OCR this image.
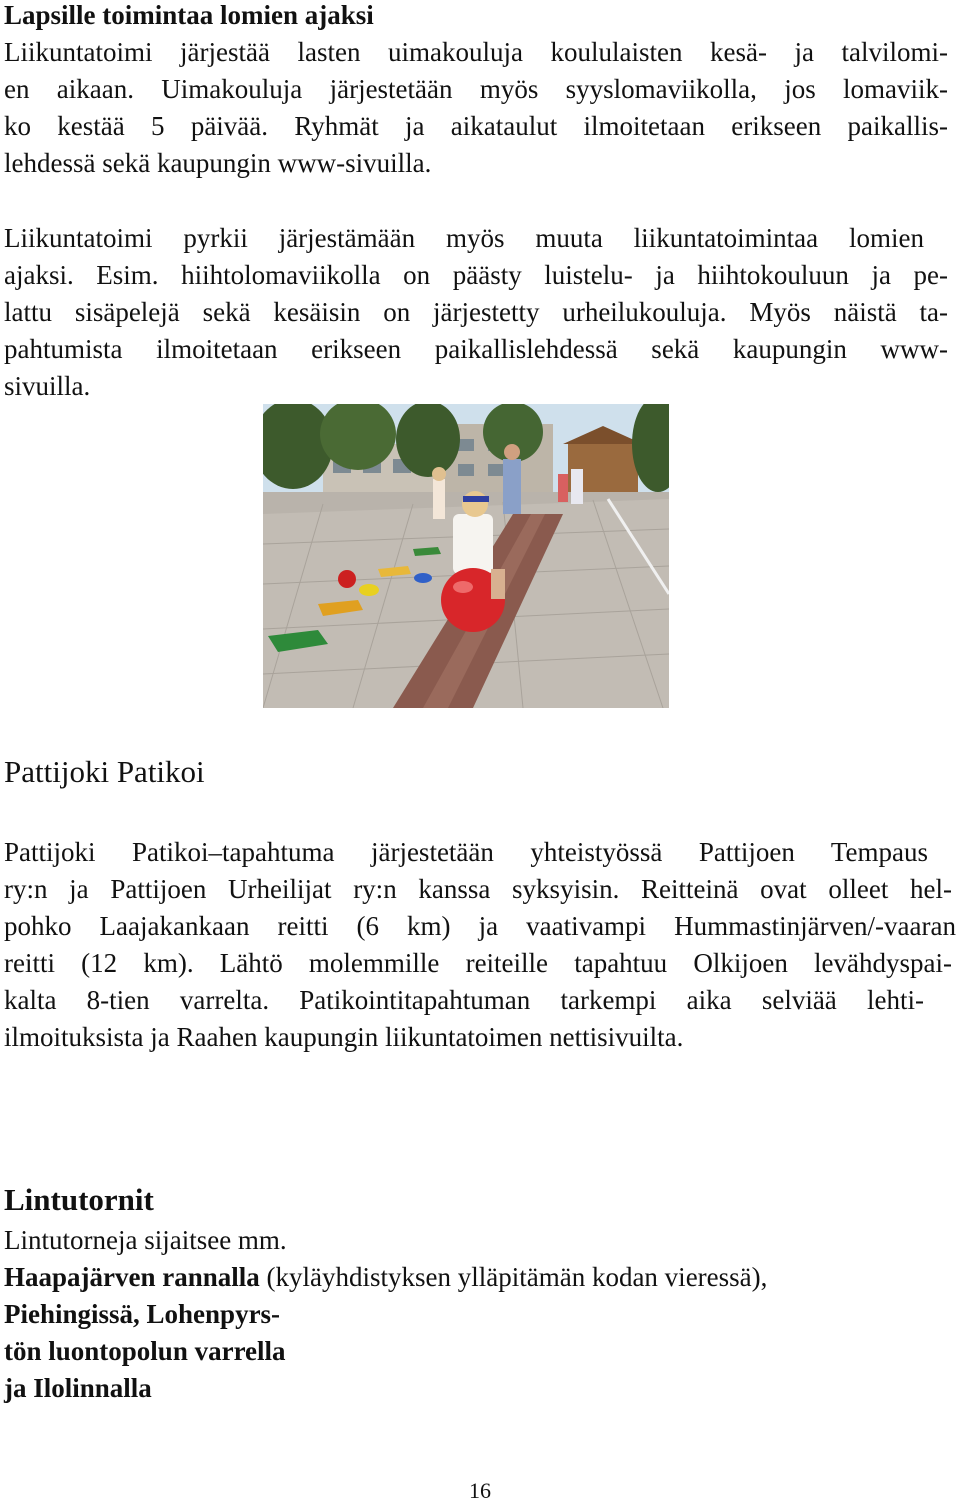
Lapsille toimintaa lomien ajaksi

Liikuntatoimi järjestää lasten uimakouluja koululaisten kesä- ja talvilomi-

en aikaan. Uimakouluja järjestetään myös syyslomaviikolla, jos lomaviik-

ko kestää 5 päivää. Ryhmät ja aikataulut ilmoitetaan erikseen paikallis-

lehdessä sekä kaupungin www-sivuilla.

Liikuntatoimi pyrkii järjestämään myös muuta liikuntatoimintaa lomien

ajaksi. Esim. hiihtolomaviikolla on päästy luistelu- ja hiihtokouluun ja pe-

lattu sisäpelejä sekä kesäisin on järjestetty urheilukouluja. Myös näistä ta-

pahtumista ilmoitetaan erikseen paikallislehdessä sekä kaupungin www-

sivuilla.

Pattijoki Patikoi

Pattijoki Patikoi–tapahtuma järjestetään yhteistyössä Pattijoen Tempaus

ry:n ja Pattijoen Urheilijat ry:n kanssa syksyisin. Reitteinä ovat olleet hel-

pohko Laajakankaan reitti (6 km) ja vaativampi Hummastinjärven/-vaaran

reitti (12 km). Lähtö molemmille reiteille tapahtuu Olkijoen levähdyspai-

kalta 8-tien varrelta. Patikointitapahtuman tarkempi aika selviää lehti-

ilmoituksista ja Raahen kaupungin liikuntatoimen nettisivuilta.

Lintutornit

Lintutorneja sijaitsee mm.

Haapajärven rannalla (kyläyhdistyksen ylläpitämän kodan vieressä),

Piehingissä, Lohenpyrs-

tön luontopolun varrella

ja Ilolinnalla

16
